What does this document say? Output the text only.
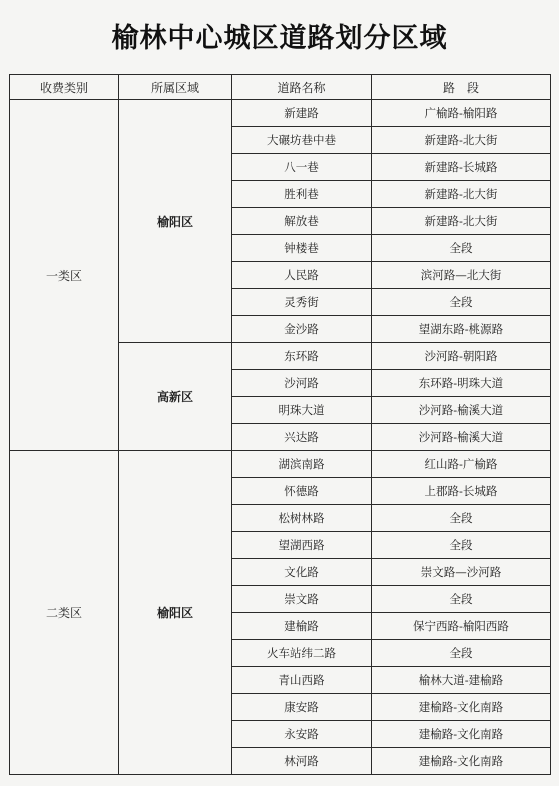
榆林中心城区道路划分区域
收费类别	所属区域	道路名称	路　段
一类区	榆阳区	新建路	广榆路-榆阳路
		大碾坊巷中巷	新建路-北大街
		八一巷	新建路-长城路
		胜利巷	新建路-北大街
		解放巷	新建路-北大街
		钟楼巷	全段
		人民路	滨河路—北大街
		灵秀街	全段
		金沙路	望湖东路-桃源路
	高新区	东环路	沙河路-朝阳路
		沙河路	东环路-明珠大道
		明珠大道	沙河路-榆溪大道
		兴达路	沙河路-榆溪大道
二类区	榆阳区	湖滨南路	红山路-广榆路
		怀德路	上郡路-长城路
		松树林路	全段
		望湖西路	全段
		文化路	崇文路—沙河路
		崇文路	全段
		建榆路	保宁西路-榆阳西路
		火车站纬二路	全段
		青山西路	榆林大道-建榆路
		康安路	建榆路-文化南路
		永安路	建榆路-文化南路
		林河路	建榆路-文化南路
